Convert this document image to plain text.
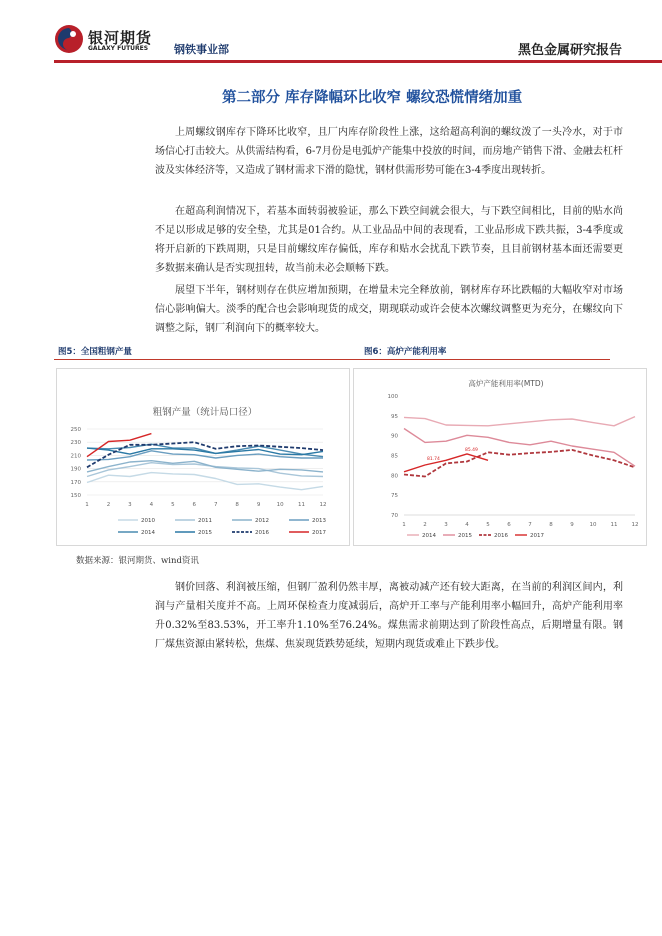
银河期货
GALAXY FUTURES 钢铁事业部	黑色金属研究报告
第二部分 库存降幅环比收窄 螺纹恐慌情绪加重

上周螺纹钢库存下降环比收窄，且厂内库存阶段性上涨，这给超高利润的螺纹泼了一头冷水，对于市场信心打击较大。从供需结构看，6-7月份是电弧炉产能集中投放的时间，而房地产销售下滑、金融去杠杆波及实体经济等，又造成了钢材需求下滑的隐忧，钢材供需形势可能在3-4季度出现转折。

在超高利润情况下，若基本面转弱被验证，那么下跌空间就会很大，与下跌空间相比，目前的贴水尚不足以形成足够的安全垫，尤其是01合约。从工业品品中间的表现看，工业品形成下跌共振，3-4季度或将开启新的下跌周期，只是目前螺纹库存偏低，库存和贴水会扰乱下跌节奏，且目前钢材基本面还需要更多数据来确认是否实现扭转，故当前未必会顺畅下跌。

展望下半年，钢材则存在供应增加预期，在增量未完全释放前，钢材库存环比跌幅的大幅收窄对市场信心影响偏大。淡季的配合也会影响现货的成交，期现联动或许会使本次螺纹调整更为充分，在螺纹向下调整之际，钢厂利润向下的概率较大。

图5：全国粗钢产量	图6：高炉产能利用率
粗钢产量（统计局口径）
150
170
190
210
230
250
1	2	3	4	5	6	7	8	9	10	11	12
2010	2011	2012	2013
2014	2015	2016	2017
高炉产能利用率(MTD)
70
75
80
85
90
95
100
1	2	3	4	5	6	7	8	9	10	11	12
81.74
85.49
2014	2015	2016	2017
数据来源：银河期货、wind资讯

钢价回落、利润被压缩，但钢厂盈利仍然丰厚，离被动减产还有较大距离，在当前的利润区间内，利润与产量相关度并不高。上周环保检查力度减弱后，高炉开工率与产能利用率小幅回升，高炉产能利用率升0.32%至83.53%，开工率升1.10%至76.24%。煤焦需求前期达到了阶段性高点，后期增量有限。钢厂煤焦资源由紧转松，焦煤、焦炭现货跌势延续，短期内现货或难止下跌步伐。
